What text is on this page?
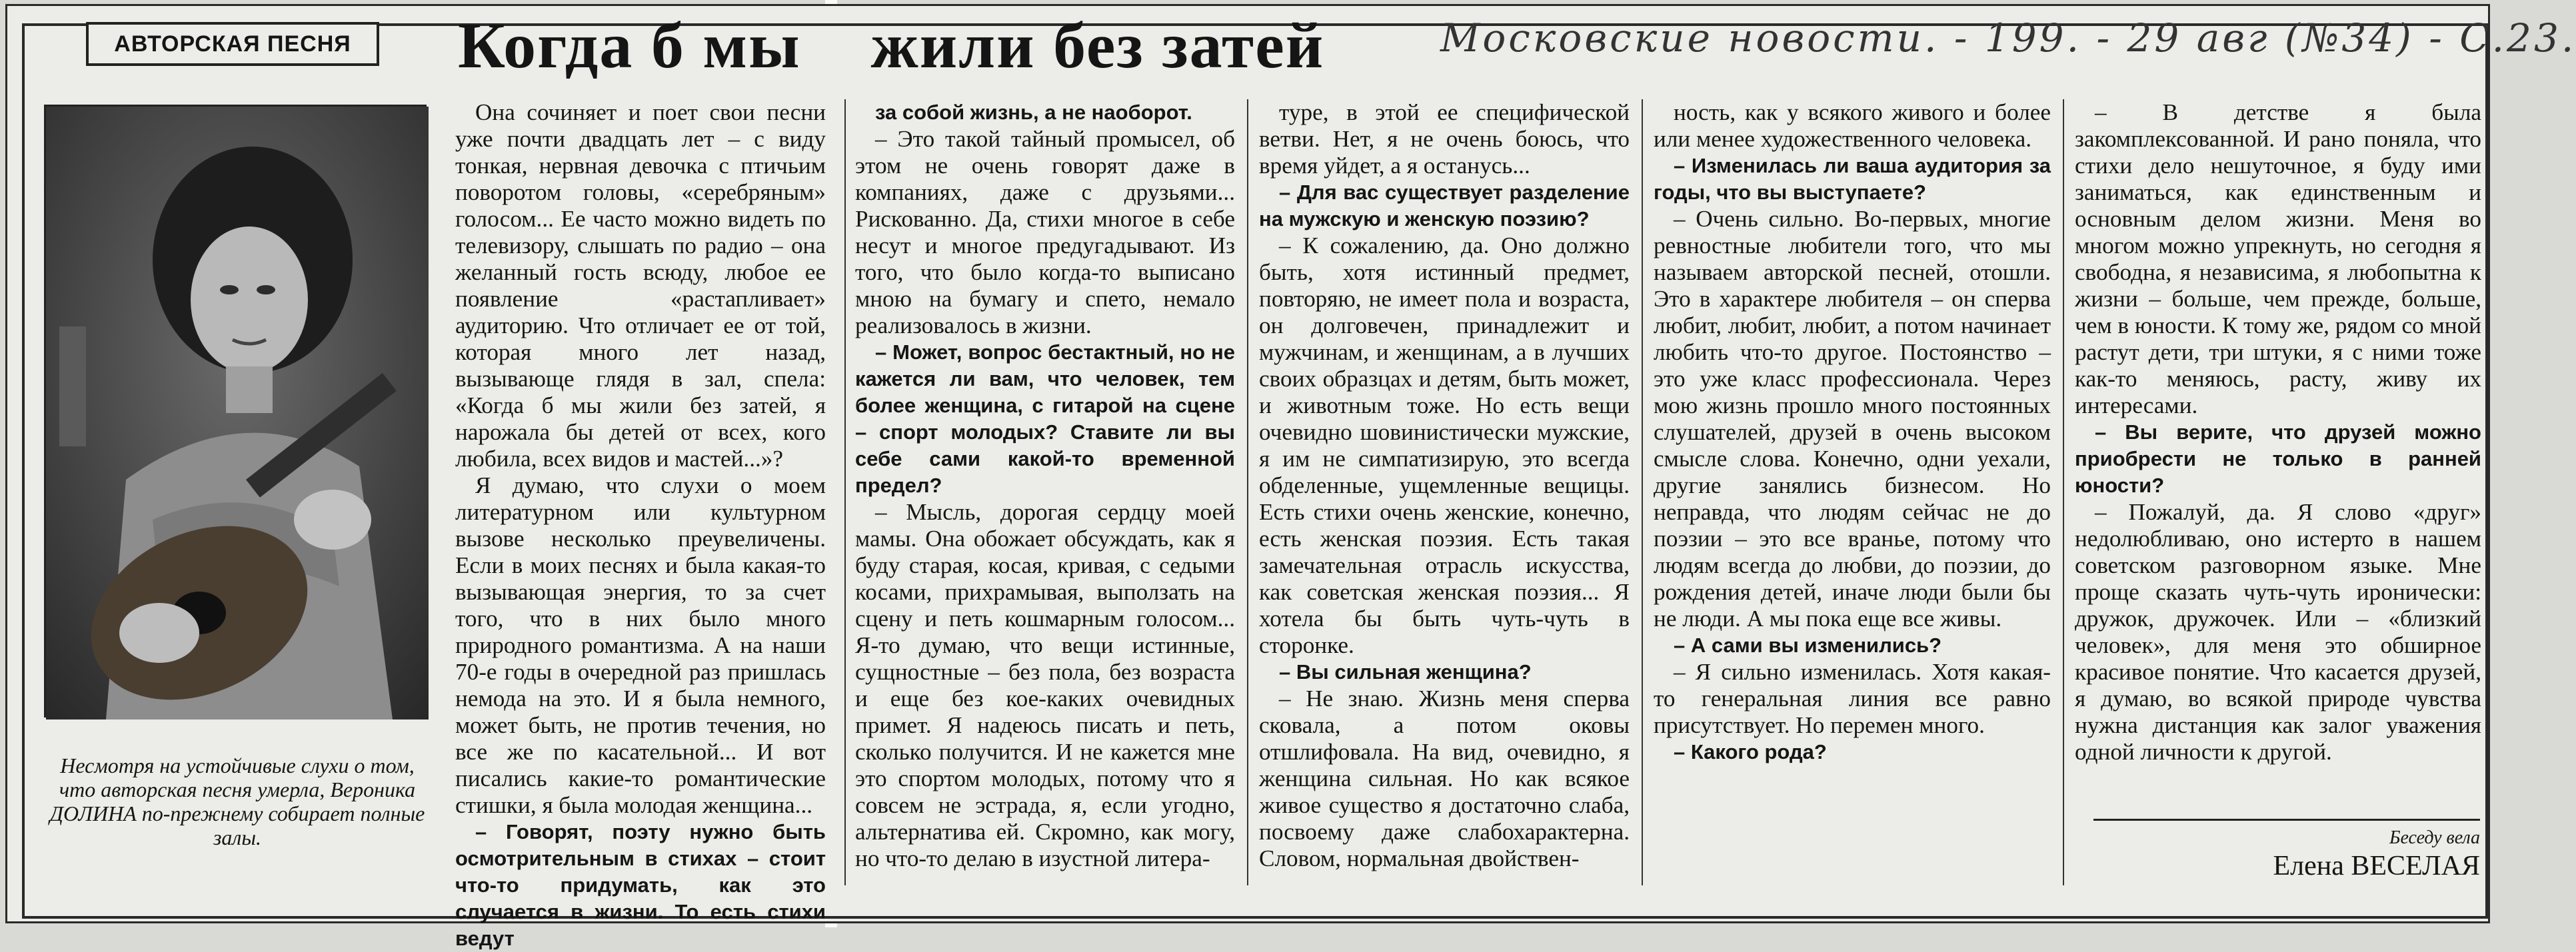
АВТОРСКАЯ ПЕСНЯ	Когда б мы жили без затей	Московские новости. - 199. - 29 авг (№34) - С.23.
Несмотря на устойчивые слухи о том, что авторская песня умерла, Вероника ДОЛИНА по-прежнему собирает полные залы.

Она сочиняет и поет свои песни уже почти двадцать лет – с виду тонкая, нервная девочка с птичьим поворотом головы, «серебряным» голосом... Ее часто можно видеть по телевизору, слышать по радио – она желанный гость всюду, любое ее появление «растапливает» аудиторию. Что отличает ее от той, которая много лет назад, вызывающе глядя в зал, спела: «Когда б мы жили без затей, я нарожала бы детей от всех, кого любила, всех видов и мастей...»?

Я думаю, что слухи о моем литературном или культурном вызове несколько преувеличены. Если в моих песнях и была какая-то вызывающая энергия, то за счет того, что в них было много природного романтизма. А на наши 70-е годы в очередной раз пришлась немода на это. И я была немного, может быть, не против течения, но все же по касательной... И вот писались какие-то романтические стишки, я была молодая женщина...

– Говорят, поэту нужно быть осмотрительным в стихах – стоит что-то придумать, как это случается в жизни. То есть стихи ведут

за собой жизнь, а не наоборот.

– Это такой тайный промысел, об этом не очень говорят даже в компаниях, даже с друзьями... Рискованно. Да, стихи многое в себе несут и многое предугадывают. Из того, что было когда-то выписано мною на бумагу и спето, немало реализовалось в жизни.

– Может, вопрос бестактный, но не кажется ли вам, что человек, тем более женщина, с гитарой на сцене – спорт молодых? Ставите ли вы себе сами какой-то временной предел?

– Мысль, дорогая сердцу моей мамы. Она обожает обсуждать, как я буду старая, косая, кривая, с седыми косами, прихрамывая, выползать на сцену и петь кошмарным голосом... Я-то думаю, что вещи истинные, сущностные – без пола, без возраста и еще без кое-каких очевидных примет. Я надеюсь писать и петь, сколько получится. И не кажется мне это спортом молодых, потому что я совсем не эстрада, я, если угодно, альтернатива ей. Скромно, как могу, но что-то делаю в изустной литера-

туре, в этой ее специфической ветви. Нет, я не очень боюсь, что время уйдет, а я останусь...

– Для вас существует разделение на мужскую и женскую поэзию?

– К сожалению, да. Оно должно быть, хотя истинный предмет, повторяю, не имеет пола и возраста, он долговечен, принадлежит и мужчинам, и женщинам, а в лучших своих образцах и детям, быть может, и животным тоже. Но есть вещи очевидно шовинистически мужские, я им не симпатизирую, это всегда обделенные, ущемленные вещицы. Есть стихи очень женские, конечно, есть женская поэзия. Есть такая замечательная отрасль искусства, как советская женская поэзия... Я хотела бы быть чуть-чуть в сторонке.

– Вы сильная женщина?

– Не знаю. Жизнь меня сперва сковала, а потом оковы отшлифовала. На вид, очевидно, я женщина сильная. Но как всякое живое существо я достаточно слаба, посвоему даже слабохарактерна. Словом, нормальная двойствен-

ность, как у всякого живого и более или менее художественного человека.

– Изменилась ли ваша аудитория за годы, что вы выступаете?

– Очень сильно. Во-первых, многие ревностные любители того, что мы называем авторской песней, отошли. Это в характере любителя – он сперва любит, любит, любит, а потом начинает любить что-то другое. Постоянство – это уже класс профессионала. Через мою жизнь прошло много постоянных слушателей, друзей в очень высоком смысле слова. Конечно, одни уехали, другие занялись бизнесом. Но неправда, что людям сейчас не до поэзии – это все вранье, потому что людям всегда до любви, до поэзии, до рождения детей, иначе люди были бы не люди. А мы пока еще все живы.

– А сами вы изменились?

– Я сильно изменилась. Хотя какая-то генеральная линия все равно присутствует. Но перемен много.

– Какого рода?

– В детстве я была закомплексованной. И рано поняла, что стихи дело нешуточное, я буду ими заниматься, как единственным и основным делом жизни. Меня во многом можно упрекнуть, но сегодня я свободна, я независима, я любопытна к жизни – больше, чем прежде, больше, чем в юности. К тому же, рядом со мной растут дети, три штуки, я с ними тоже как-то меняюсь, расту, живу их интересами.

– Вы верите, что друзей можно приобрести не только в ранней юности?

– Пожалуй, да. Я слово «друг» недолюбливаю, оно истерто в нашем советском разговорном языке. Мне проще сказать чуть-чуть иронически: дружок, дружочек. Или – «близкий человек», для меня это обширное красивое понятие. Что касается друзей, я думаю, во всякой природе чувства нужна дистанция как залог уважения одной личности к другой.

Беседу вела
Елена ВЕСЕЛАЯ
